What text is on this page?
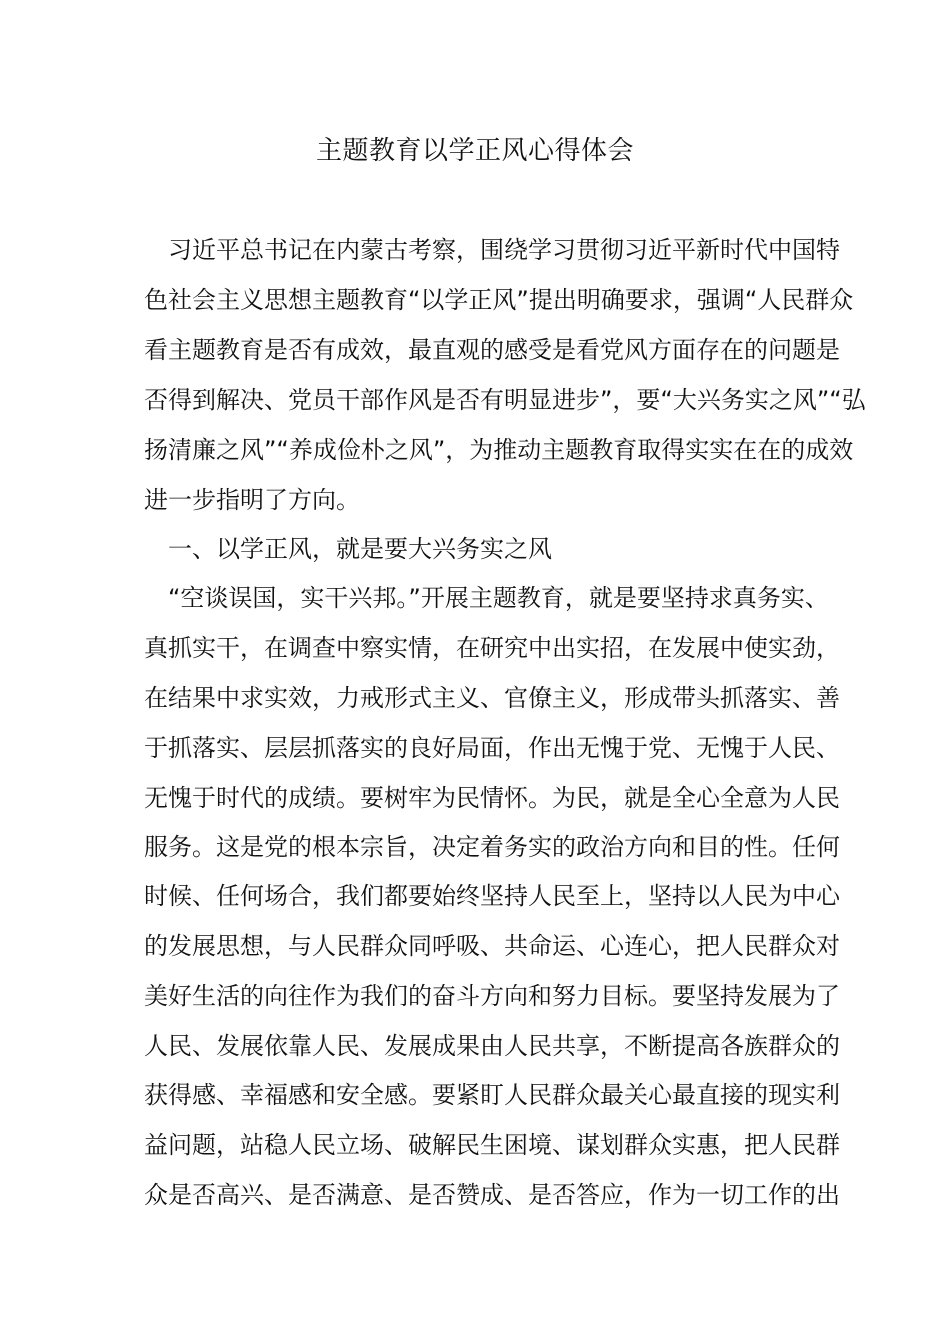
主题教育以学正风心得体会
　习近平总书记在内蒙古考察，围绕学习贯彻习近平新时代中国特
色社会主义思想主题教育“以学正风”提出明确要求，强调“人民群众
看主题教育是否有成效，最直观的感受是看党风方面存在的问题是
否得到解决、党员干部作风是否有明显进步”，要“大兴务实之风”“弘
扬清廉之风”“养成俭朴之风”，为推动主题教育取得实实在在的成效
进一步指明了方向。
　一、以学正风，就是要大兴务实之风
　“空谈误国，实干兴邦。”开展主题教育，就是要坚持求真务实、
真抓实干，在调查中察实情，在研究中出实招，在发展中使实劲，
在结果中求实效，力戒形式主义、官僚主义，形成带头抓落实、善
于抓落实、层层抓落实的良好局面，作出无愧于党、无愧于人民、
无愧于时代的成绩。要树牢为民情怀。为民，就是全心全意为人民
服务。这是党的根本宗旨，决定着务实的政治方向和目的性。任何
时候、任何场合，我们都要始终坚持人民至上，坚持以人民为中心
的发展思想，与人民群众同呼吸、共命运、心连心，把人民群众对
美好生活的向往作为我们的奋斗方向和努力目标。要坚持发展为了
人民、发展依靠人民、发展成果由人民共享，不断提高各族群众的
获得感、幸福感和安全感。要紧盯人民群众最关心最直接的现实利
益问题，站稳人民立场、破解民生困境、谋划群众实惠，把人民群
众是否高兴、是否满意、是否赞成、是否答应，作为一切工作的出
